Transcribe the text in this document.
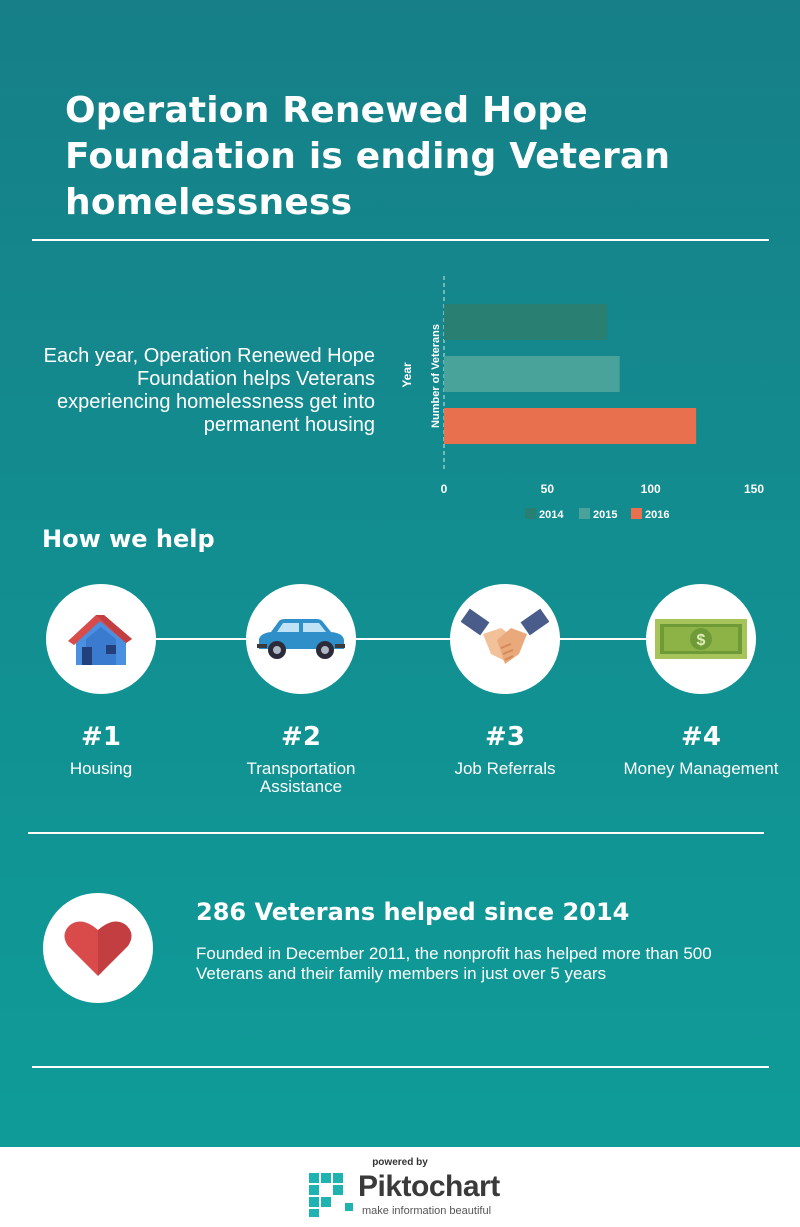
Operation Renewed Hope Foundation is ending Veteran homelessness

Each year, Operation Renewed Hope Foundation helps Veterans experiencing homelessness get into permanent housing

0	50	100	150
Year Number of Veterans
2014	2015	2016
How we help
#1
Housing
#2
Transportation Assistance
#3
Job Referrals
$
#4
Money Management
286 Veterans helped since 2014

Founded in December 2011, the nonprofit has helped more than 500 Veterans and their family members in just over 5 years

powered by
Piktochart
make information beautiful
